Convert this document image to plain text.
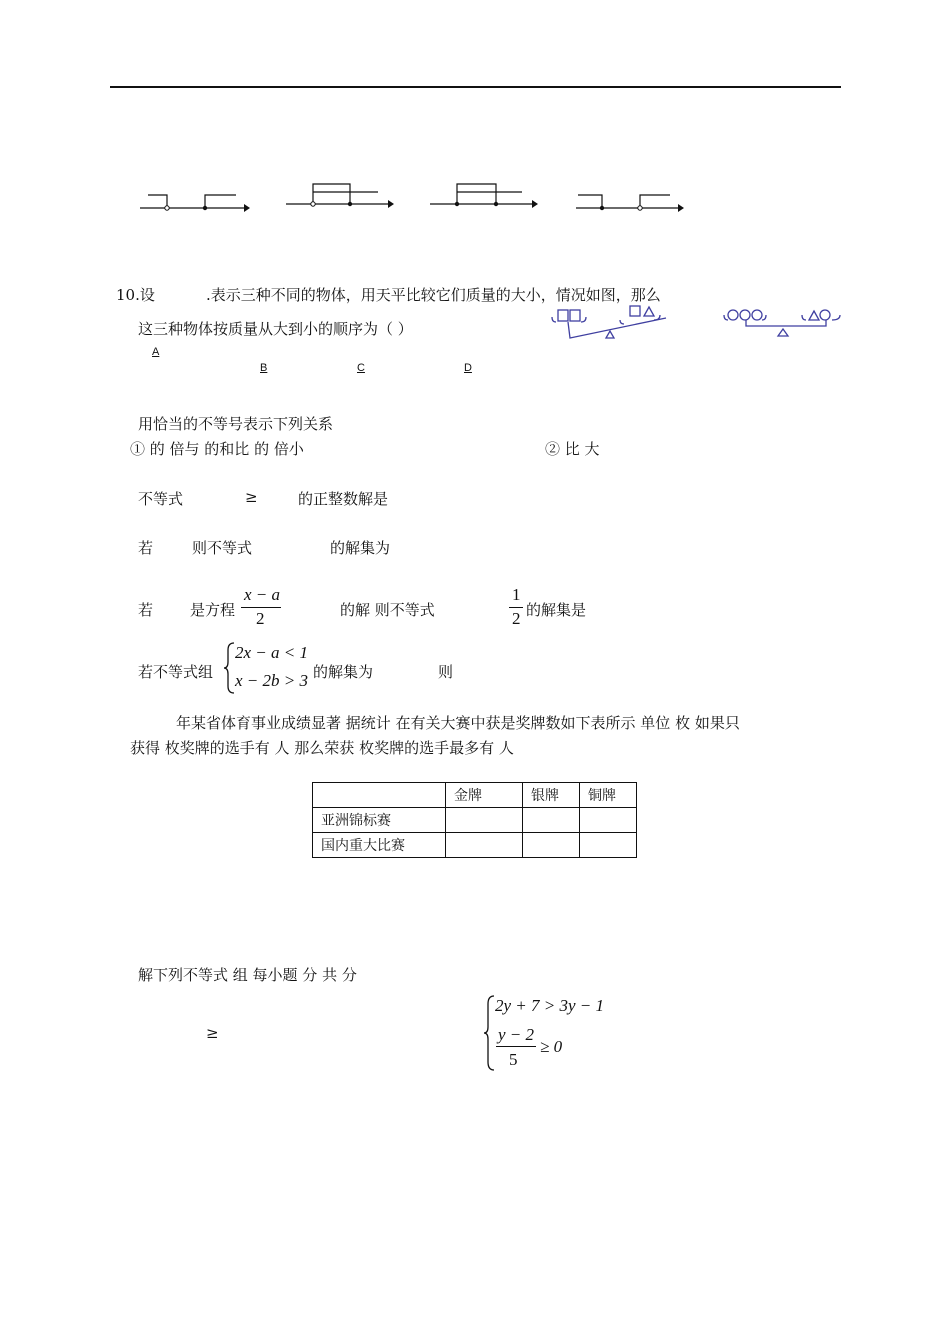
10.设	.表示三种不同的物体，用天平比较它们质量的大小，情况如图，那么
这三种物体按质量从大到小的顺序为（ ）
A
B	C	D
用恰当的不等号表示下列关系
① 的 倍与 的和比 的 倍小	② 比 大
不等式	≥	的正整数解是
若	则不等式	的解集为
若 是方程
x − a
2	的解 则不等式
1
2 的解集是
若不等式组
2x − a < 1
x − 2b > 3 的解集为	则
年某省体育事业成绩显著 据统计 在有关大赛中获是奖牌数如下表所示 单位 枚 如果只
获得 枚奖牌的选手有 人 那么荣获 枚奖牌的选手最多有 人
	金牌	银牌	铜牌
亚洲锦标赛			
国内重大比赛			
解下列不等式 组 每小题 分 共 分
≥
2y + 7 > 3y − 1
y − 2
5
≥ 0
